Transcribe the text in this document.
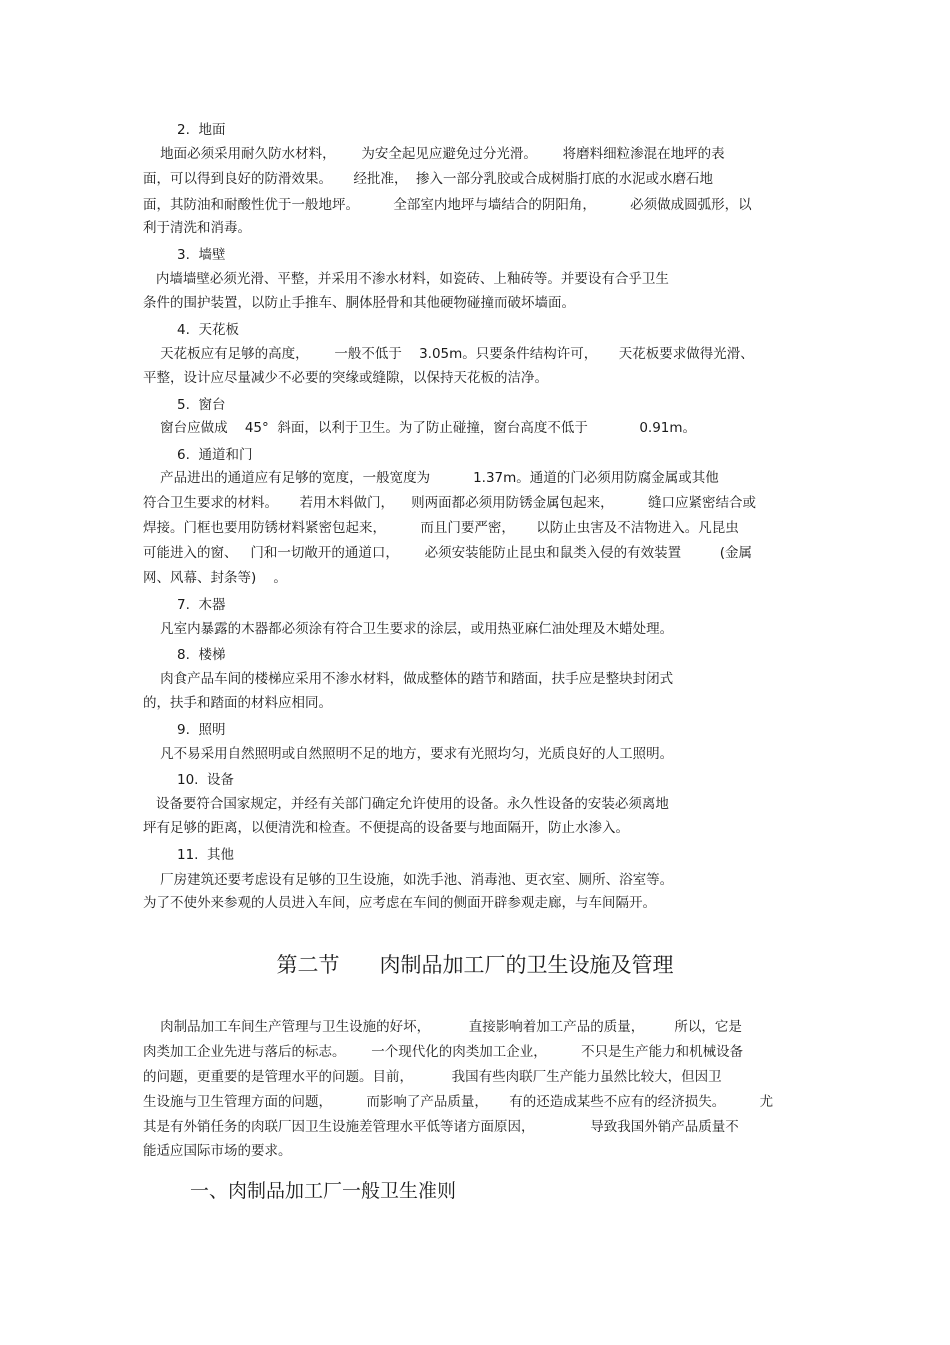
2.  地面
地面必须采用耐久防水材料，      为安全起见应避免过分光滑。      将磨料细粒渗混在地坪的表
面，可以得到良好的防滑效果。     经批准，  掺入一部分乳胶或合成树脂打底的水泥或水磨石地
面，其防油和耐酸性优于一般地坪。        全部室内地坪与墙结合的阴阳角，        必须做成圆弧形，以
利于清洗和消毒。
3.  墙壁
内墙墙壁必须光滑、平整，并采用不渗水材料，如瓷砖、上釉砖等。并要设有合乎卫生
条件的围护装置，以防止手推车、胴体胫骨和其他硬物碰撞而破坏墙面。
4.  天花板
天花板应有足够的高度，      一般不低于    3.05m。只要条件结构许可，     天花板要求做得光滑、
平整，设计应尽量减少不必要的突缘或缝隙，以保持天花板的洁净。
5.  窗台
窗台应做成    45°  斜面，以利于卫生。为了防止碰撞，窗台高度不低于            0.91m。
6.  通道和门
产品进出的通道应有足够的宽度，一般宽度为          1.37m。通道的门必须用防腐金属或其他
符合卫生要求的材料。     若用木料做门，    则两面都必须用防锈金属包起来，        缝口应紧密结合或
焊接。门框也要用防锈材料紧密包起来，        而且门要严密，     以防止虫害及不洁物进入。凡昆虫
可能进入的窗、   门和一切敞开的通道口，      必须安装能防止昆虫和鼠类入侵的有效装置         (金属
网、风幕、封条等)    。
7.  木器
凡室内暴露的木器都必须涂有符合卫生要求的涂层，或用热亚麻仁油处理及木蜡处理。
8.  楼梯
肉食产品车间的楼梯应采用不渗水材料，做成整体的踏节和踏面，扶手应是整块封闭式
的，扶手和踏面的材料应相同。
9.  照明
凡不易采用自然照明或自然照明不足的地方，要求有光照均匀，光质良好的人工照明。
10.  设备
设备要符合国家规定，并经有关部门确定允许使用的设备。永久性设备的安装必须离地
坪有足够的距离，以便清洗和检查。不便提高的设备要与地面隔开，防止水渗入。
11.  其他
厂房建筑还要考虑设有足够的卫生设施，如洗手池、消毒池、更衣室、厕所、浴室等。
为了不使外来参观的人员进入车间，应考虑在车间的侧面开辟参观走廊，与车间隔开。
第二节      肉制品加工厂的卫生设施及管理
肉制品加工车间生产管理与卫生设施的好坏，         直接影响着加工产品的质量，       所以，它是
肉类加工企业先进与落后的标志。      一个现代化的肉类加工企业，        不只是生产能力和机械设备
的问题，更重要的是管理水平的问题。目前，         我国有些肉联厂生产能力虽然比较大，但因卫
生设施与卫生管理方面的问题，        而影响了产品质量，     有的还造成某些不应有的经济损失。        尤
其是有外销任务的肉联厂因卫生设施差管理水平低等诸方面原因，             导致我国外销产品质量不
能适应国际市场的要求。
一、肉制品加工厂一般卫生准则
